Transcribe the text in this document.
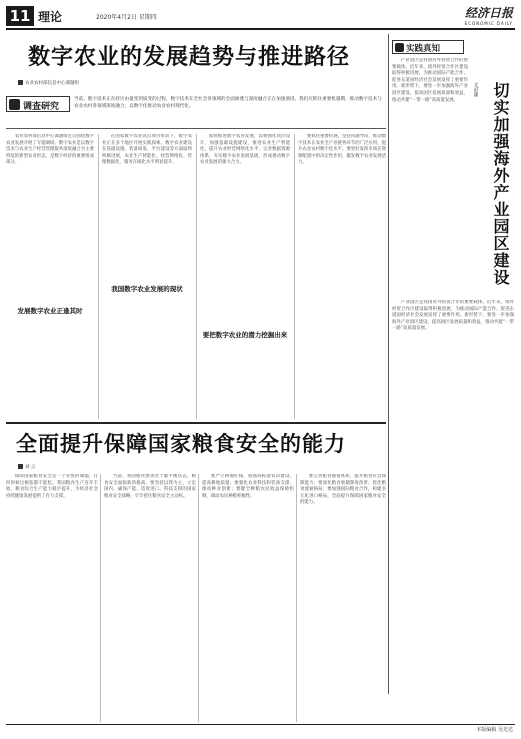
11 理论	2020年4月2日 星期四	经济日报
ECONOMIC DAILY
数字农业的发展趋势与推进路径
农业农村部信息中心课题组
调查研究
当前，数字技术正在经历由量变到质变的过程，数字技术在全社会各领域的全面渗透与深度融合正在加速演进。我们应抓住重要机遇期，推动数字技术与农业农村各领域深度融合，以数字化推动农业农村现代化。

农业农村部信息中心课题组近日围绕数字农业发展开展了专题调研。数字农业是以数字技术与农业生产经营管理服务深度融合为主要特征的新型农业形态，是数字经济的重要组成部分。

发展数字农业正逢其时

在国家数字农业试点项目带动下，数字农业正在多个地区开展实践探索。数字农业建设在基础设施、装备研发、平台建设等方面取得积极进展，农业生产智能化、经营网络化、管理数据化、服务在线化水平明显提升。

我国数字农业发展的现状

加快推进数字农业发展，需要强化顶层设计，加强基础设施建设，推进农业生产智能化，提升农业经营网络化水平，完善数据资源体系，夯实数字农业发展基础，形成推动数字农业发展的强大合力。

要抓住重要机遇，坚持问题导向，推动数字技术在农业全产业链各环节的广泛应用，提升农业农村数字化水平。要更好发挥市场在资源配置中的决定性作用，激发数字农业发展活力。

要把数字农业的潜力挖掘出来
实践真知
切实加强海外产业园区建设
文/赵刚

产业园区是我国对外投资合作的重要载体。近年来，境外经贸合作区建设取得积极进展，为推动国际产能合作、促进东道国经济社会发展发挥了重要作用。新形势下，要进一步加强海外产业园区建设，提高园区发展质量和效益，推动共建“一带一路”高质量发展。

产业园区是我国对外投资合作的重要载体。近年来，境外经贸合作区建设取得积极进展，为推动国际产能合作、促进东道国经济社会发展发挥了重要作用。新形势下，要进一步加强海外产业园区建设，提高园区发展质量和效益，推动共建“一带一路”高质量发展。

全面提升保障国家粮食安全的能力
刘 云

保障国家粮食安全是一个永恒的课题，任何时候这根弦都不能松。我国粮食生产连年丰收，粮食综合生产能力稳步提升，为经济社会持续健康发展提供了有力支撑。

当前，我国粮食供求处于紧平衡状态，粮食安全面临新的挑战。要坚持以我为主、立足国内、确保产能、适度进口、科技支撑的国家粮食安全战略，牢牢把住粮食安全主动权。

要严守耕地红线，加强高标准农田建设，提高耕地质量；要强化农业科技和装备支撑，推动种业创新；要健全种粮农民收益保障机制，调动农民种粮积极性。

要完善粮食储备体系，提升粮食应急保障能力；要深化粮食收储制度改革，优化粮食流通格局；要加强国际粮食合作，构建多元化进口格局，全面提升保障国家粮食安全的能力。

本版编辑 吴光达
